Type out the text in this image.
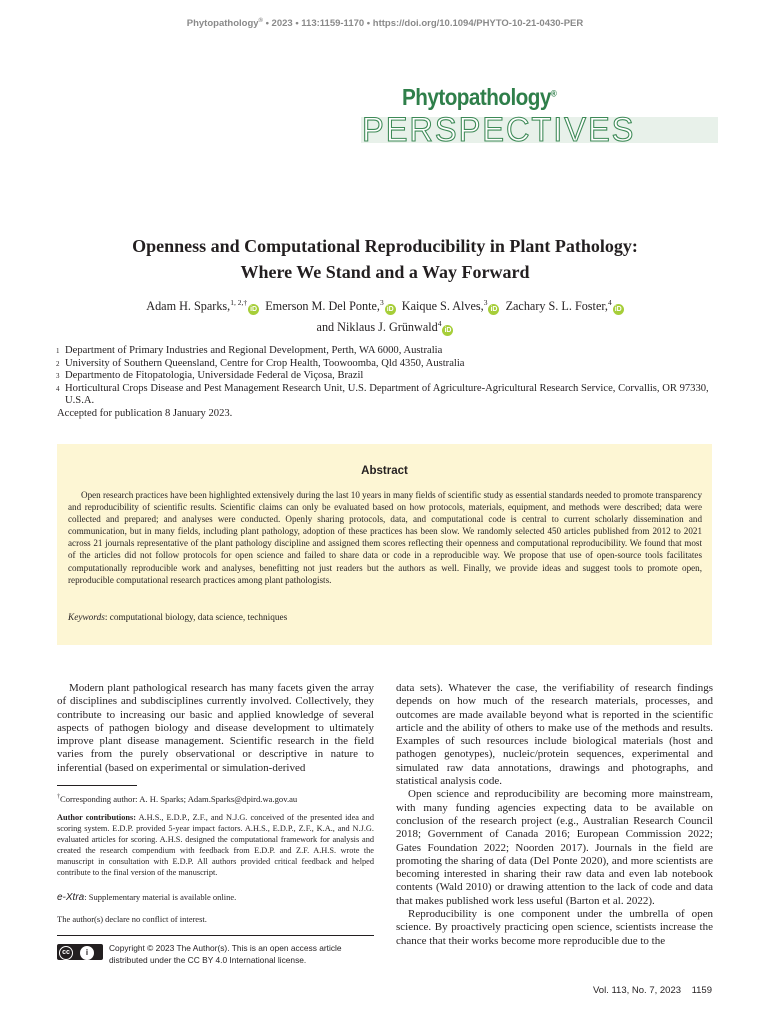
Phytopathology® • 2023 • 113:1159-1170 • https://doi.org/10.1094/PHYTO-10-21-0430-PER
Phytopathology®
PERSPECTIVES
Openness and Computational Reproducibility in Plant Pathology:
Where We Stand and a Way Forward
Adam H. Sparks,$^{1, 2,\dagger}$iD Emerson M. Del Ponte,$^3$iD Kaique S. Alves,$^3$iD Zachary S. L. Foster,$^4$iD
and Niklaus J. Grünwald$^4$iD

1 Department of Primary Industries and Regional Development, Perth, WA 6000, Australia

2 University of Southern Queensland, Centre for Crop Health, Toowoomba, Qld 4350, Australia

3 Departmento de Fitopatologia, Universidade Federal de Viçosa, Brazil

4 Horticultural Crops Disease and Pest Management Research Unit, U.S. Department of Agriculture-Agricultural Research Service, Corvallis, OR 97330, U.S.A.

Accepted for publication 8 January 2023.

Abstract
Open research practices have been highlighted extensively during the last 10 years in many fields of scientific study as essential standards needed to promote transparency and reproducibility of scientific results. Scientific claims can only be evaluated based on how protocols, materials, equipment, and methods were described; data were collected and prepared; and analyses were conducted. Openly sharing protocols, data, and computational code is central to current scholarly dissemination and communication, but in many fields, including plant pathology, adoption of these practices has been slow. We randomly selected 450 articles published from 2012 to 2021 across 21 journals representative of the plant pathology discipline and assigned them scores reflecting their openness and computational reproducibility. We found that most of the articles did not follow protocols for open science and failed to share data or code in a reproducible way. We propose that use of open-source tools facilitates computationally reproducible work and analyses, benefitting not just readers but the authors as well. Finally, we provide ideas and suggest tools to promote open, reproducible computational research practices among plant pathologists.
Keywords: computational biology, data science, techniques
Modern plant pathological research has many facets given the array of disciplines and subdisciplines currently involved. Collectively, they contribute to increasing our basic and applied knowledge of several aspects of pathogen biology and disease development to ultimately improve plant disease management. Scientific research in the field varies from the purely observational or descriptive in nature to inferential (based on experimental or simulation-derived
†Corresponding author: A. H. Sparks; Adam.Sparks@dpird.wa.gov.au
Author contributions: A.H.S., E.D.P., Z.F., and N.J.G. conceived of the presented idea and scoring system. E.D.P. provided 5-year impact factors. A.H.S., E.D.P., Z.F., K.A., and N.J.G. evaluated articles for scoring. A.H.S. designed the computational framework for analysis and created the research compendium with feedback from E.D.P. and Z.F. A.H.S. wrote the manuscript in consultation with E.D.P. All authors provided critical feedback and helped contribute to the final version of the manuscript.
e-Xtra: Supplementary material is available online.
The author(s) declare no conflict of interest.
cc	i	Copyright © 2023 The Author(s). This is an open access article distributed under the CC BY 4.0 International license.

data sets). Whatever the case, the verifiability of research findings depends on how much of the research materials, processes, and outcomes are made available beyond what is reported in the scientific article and the ability of others to make use of the methods and results. Examples of such resources include biological materials (host and pathogen genotypes), nucleic/protein sequences, experimental and simulated raw data annotations, drawings and photographs, and statistical analysis code.

Open science and reproducibility are becoming more mainstream, with many funding agencies expecting data to be available on conclusion of the research project (e.g., Australian Research Council 2018; Government of Canada 2016; European Commission 2022; Gates Foundation 2022; Noorden 2017). Journals in the field are promoting the sharing of data (Del Ponte 2020), and more scientists are becoming interested in sharing their raw data and even lab notebook contents (Wald 2010) or drawing attention to the lack of code and data that makes published work less useful (Barton et al. 2022).

Reproducibility is one component under the umbrella of open science. By proactively practicing open science, scientists increase the chance that their works become more reproducible due to the

Vol. 113, No. 7, 2023    1159
